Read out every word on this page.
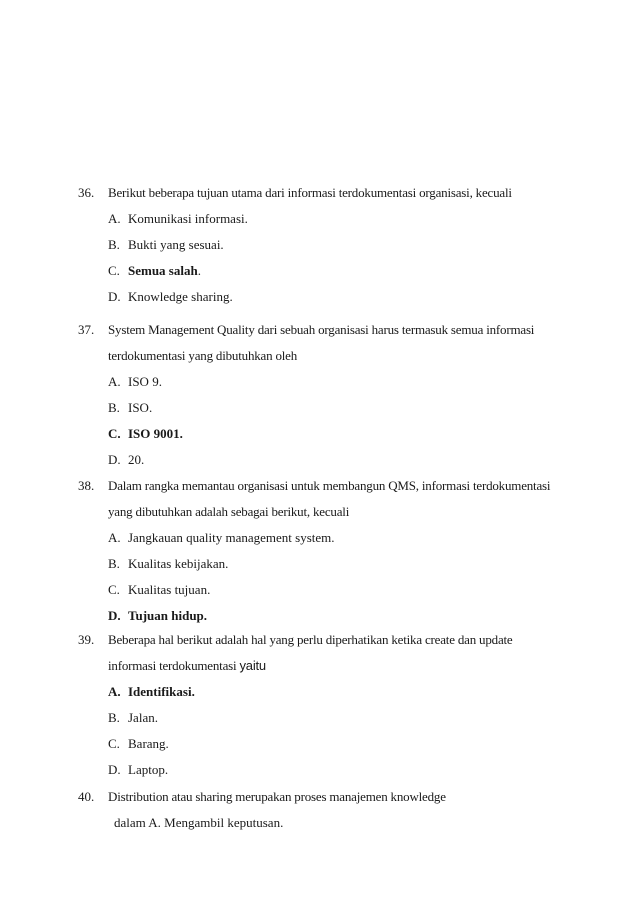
36. Berikut beberapa tujuan utama dari informasi terdokumentasi organisasi, kecuali
A. Komunikasi informasi.
B. Bukti yang sesuai.
C. Semua salah.
D. Knowledge sharing.
37. System Management Quality dari sebuah organisasi harus termasuk semua informasi
terdokumentasi yang dibutuhkan oleh
A. ISO 9.
B. ISO.
C. ISO 9001.
D. 20.
38. Dalam rangka memantau organisasi untuk membangun QMS, informasi terdokumentasi
yang dibutuhkan adalah sebagai berikut, kecuali
A. Jangkauan quality management system.
B. Kualitas kebijakan.
C. Kualitas tujuan.
D. Tujuan hidup.
39. Beberapa hal berikut adalah hal yang perlu diperhatikan ketika create dan update
informasi terdokumentasi yaitu
A. Identifikasi.
B. Jalan.
C. Barang.
D. Laptop.
40. Distribution atau sharing merupakan proses manajemen knowledge
dalam A. Mengambil keputusan.
